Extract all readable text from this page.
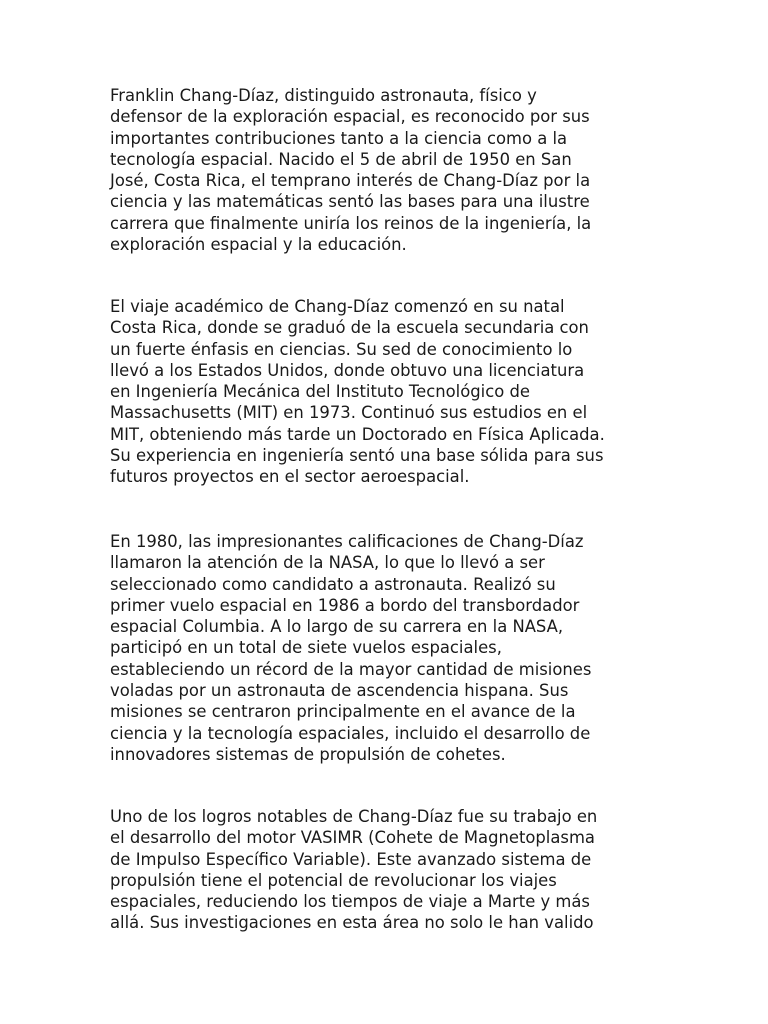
Franklin Chang-Díaz, distinguido astronauta, físico y
defensor de la exploración espacial, es reconocido por sus
importantes contribuciones tanto a la ciencia como a la
tecnología espacial. Nacido el 5 de abril de 1950 en San
José, Costa Rica, el temprano interés de Chang-Díaz por la
ciencia y las matemáticas sentó las bases para una ilustre
carrera que finalmente uniría los reinos de la ingeniería, la
exploración espacial y la educación.

El viaje académico de Chang-Díaz comenzó en su natal
Costa Rica, donde se graduó de la escuela secundaria con
un fuerte énfasis en ciencias. Su sed de conocimiento lo
llevó a los Estados Unidos, donde obtuvo una licenciatura
en Ingeniería Mecánica del Instituto Tecnológico de
Massachusetts (MIT) en 1973. Continuó sus estudios en el
MIT, obteniendo más tarde un Doctorado en Física Aplicada.
Su experiencia en ingeniería sentó una base sólida para sus
futuros proyectos en el sector aeroespacial.

En 1980, las impresionantes calificaciones de Chang-Díaz
llamaron la atención de la NASA, lo que lo llevó a ser
seleccionado como candidato a astronauta. Realizó su
primer vuelo espacial en 1986 a bordo del transbordador
espacial Columbia. A lo largo de su carrera en la NASA,
participó en un total de siete vuelos espaciales,
estableciendo un récord de la mayor cantidad de misiones
voladas por un astronauta de ascendencia hispana. Sus
misiones se centraron principalmente en el avance de la
ciencia y la tecnología espaciales, incluido el desarrollo de
innovadores sistemas de propulsión de cohetes.

Uno de los logros notables de Chang-Díaz fue su trabajo en
el desarrollo del motor VASIMR (Cohete de Magnetoplasma
de Impulso Específico Variable). Este avanzado sistema de
propulsión tiene el potencial de revolucionar los viajes
espaciales, reduciendo los tiempos de viaje a Marte y más
allá. Sus investigaciones en esta área no solo le han valido
